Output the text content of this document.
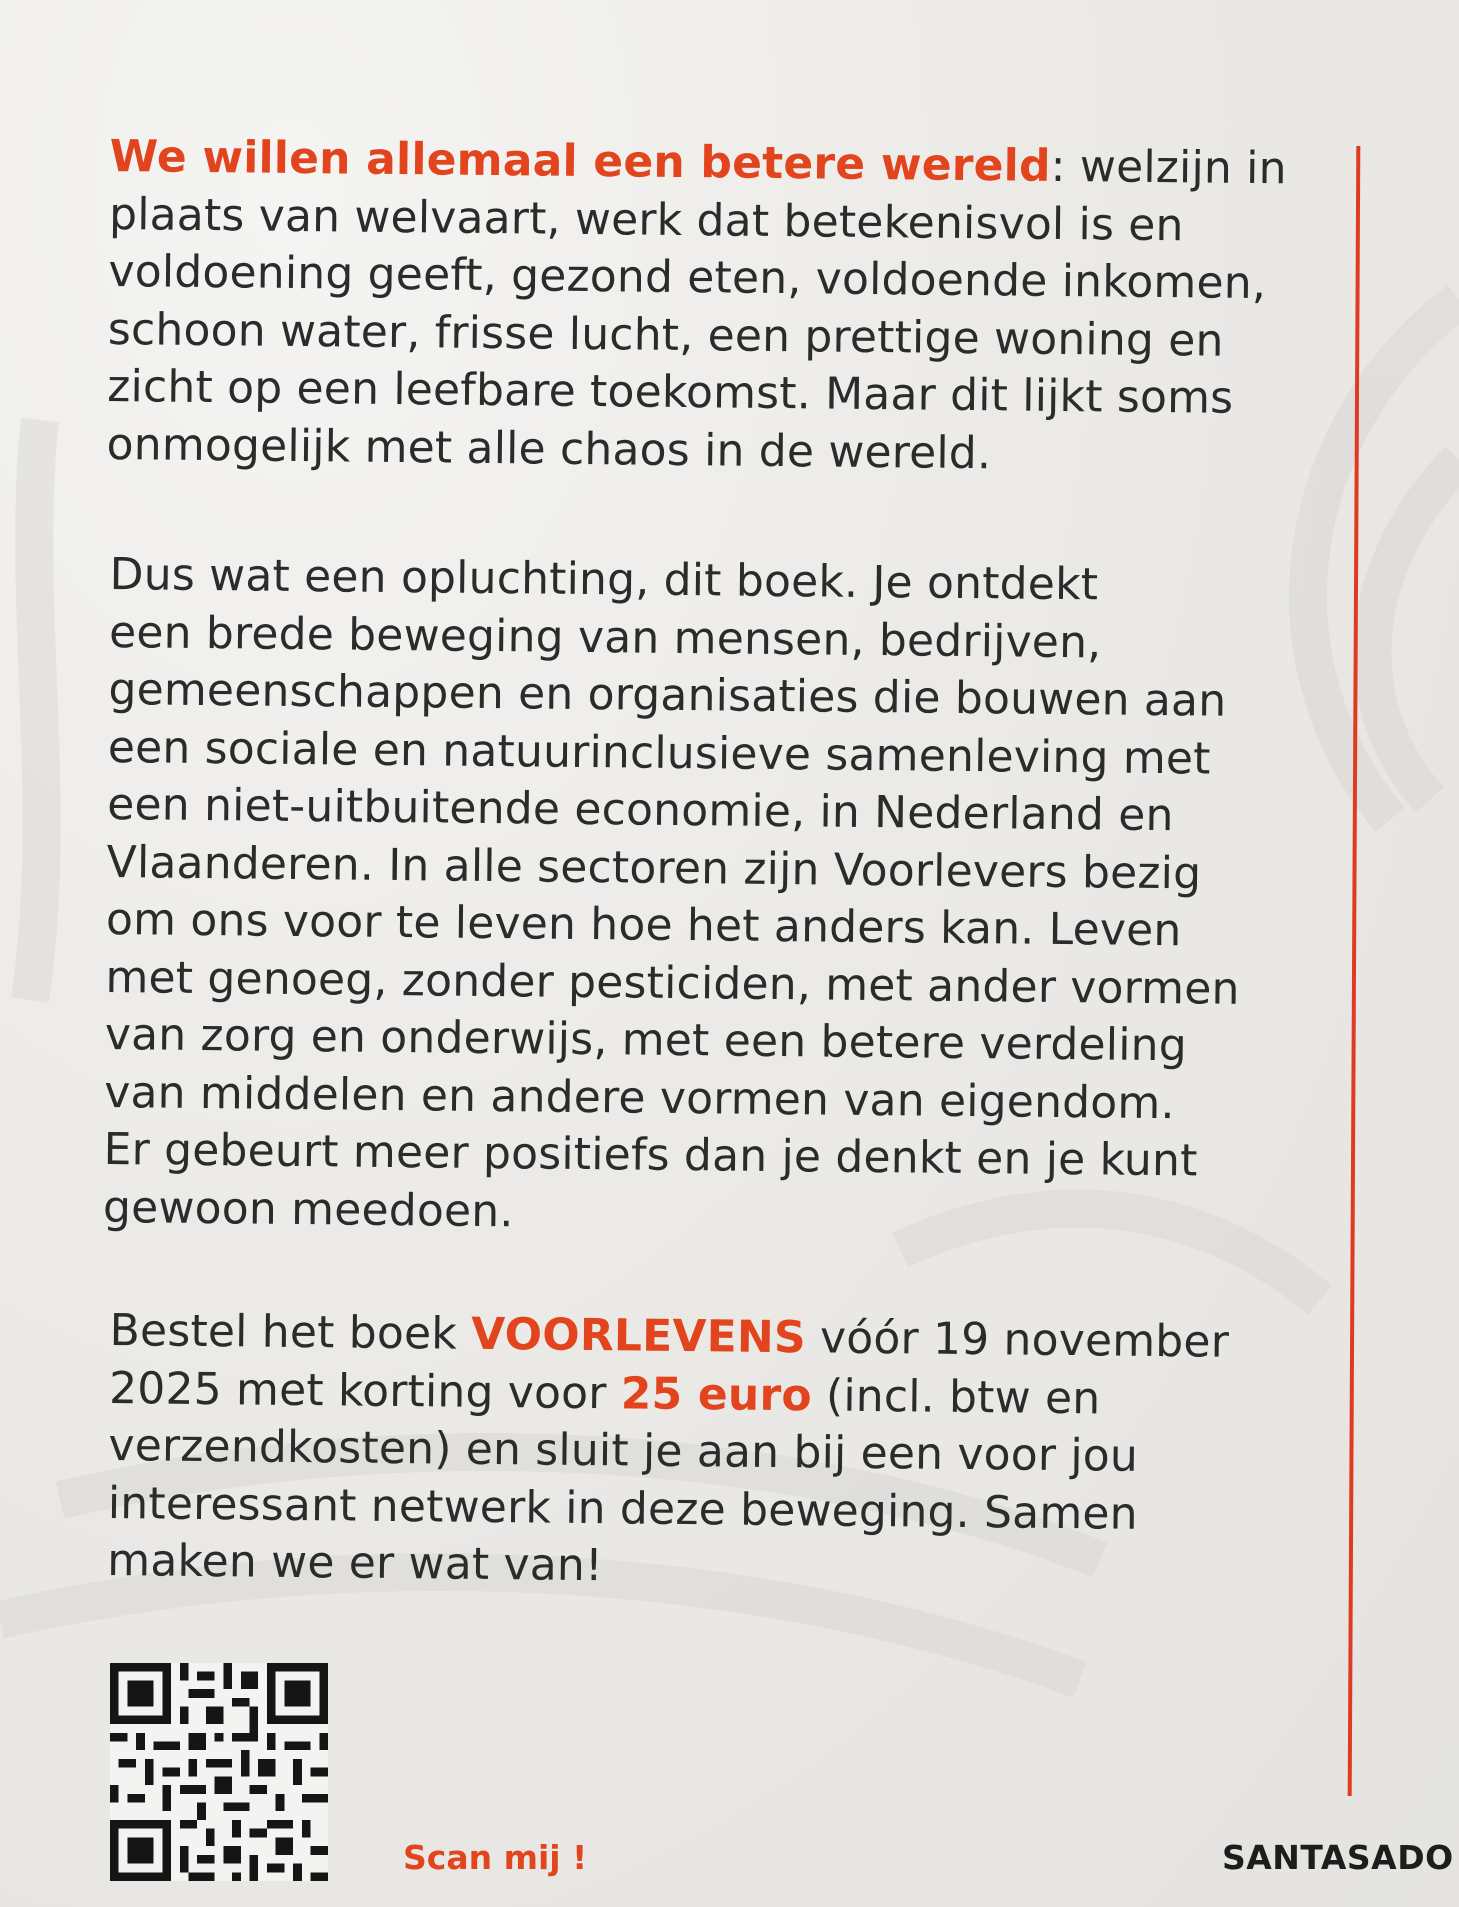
We willen allemaal een betere wereld: welzijn in
plaats van welvaart, werk dat betekenisvol is en
voldoening geeft, gezond eten, voldoende inkomen,
schoon water, frisse lucht, een prettige woning en
zicht op een leefbare toekomst. Maar dit lijkt soms
onmogelijk met alle chaos in de wereld.
Dus wat een opluchting, dit boek. Je ontdekt
een brede beweging van mensen, bedrijven,
gemeenschappen en organisaties die bouwen aan
een sociale en natuurinclusieve samenleving met
een niet-uitbuitende economie, in Nederland en
Vlaanderen. In alle sectoren zijn Voorlevers bezig
om ons voor te leven hoe het anders kan. Leven
met genoeg, zonder pesticiden, met ander vormen
van zorg en onderwijs, met een betere verdeling
van middelen en andere vormen van eigendom.
Er gebeurt meer positiefs dan je denkt en je kunt
gewoon meedoen.
Bestel het boek VOORLEVENS vóór 19 november
2025 met korting voor 25 euro (incl. btw en
verzendkosten) en sluit je aan bij een voor jou
interessant netwerk in deze beweging. Samen
maken we er wat van!
Scan mij !	SANTASADO
